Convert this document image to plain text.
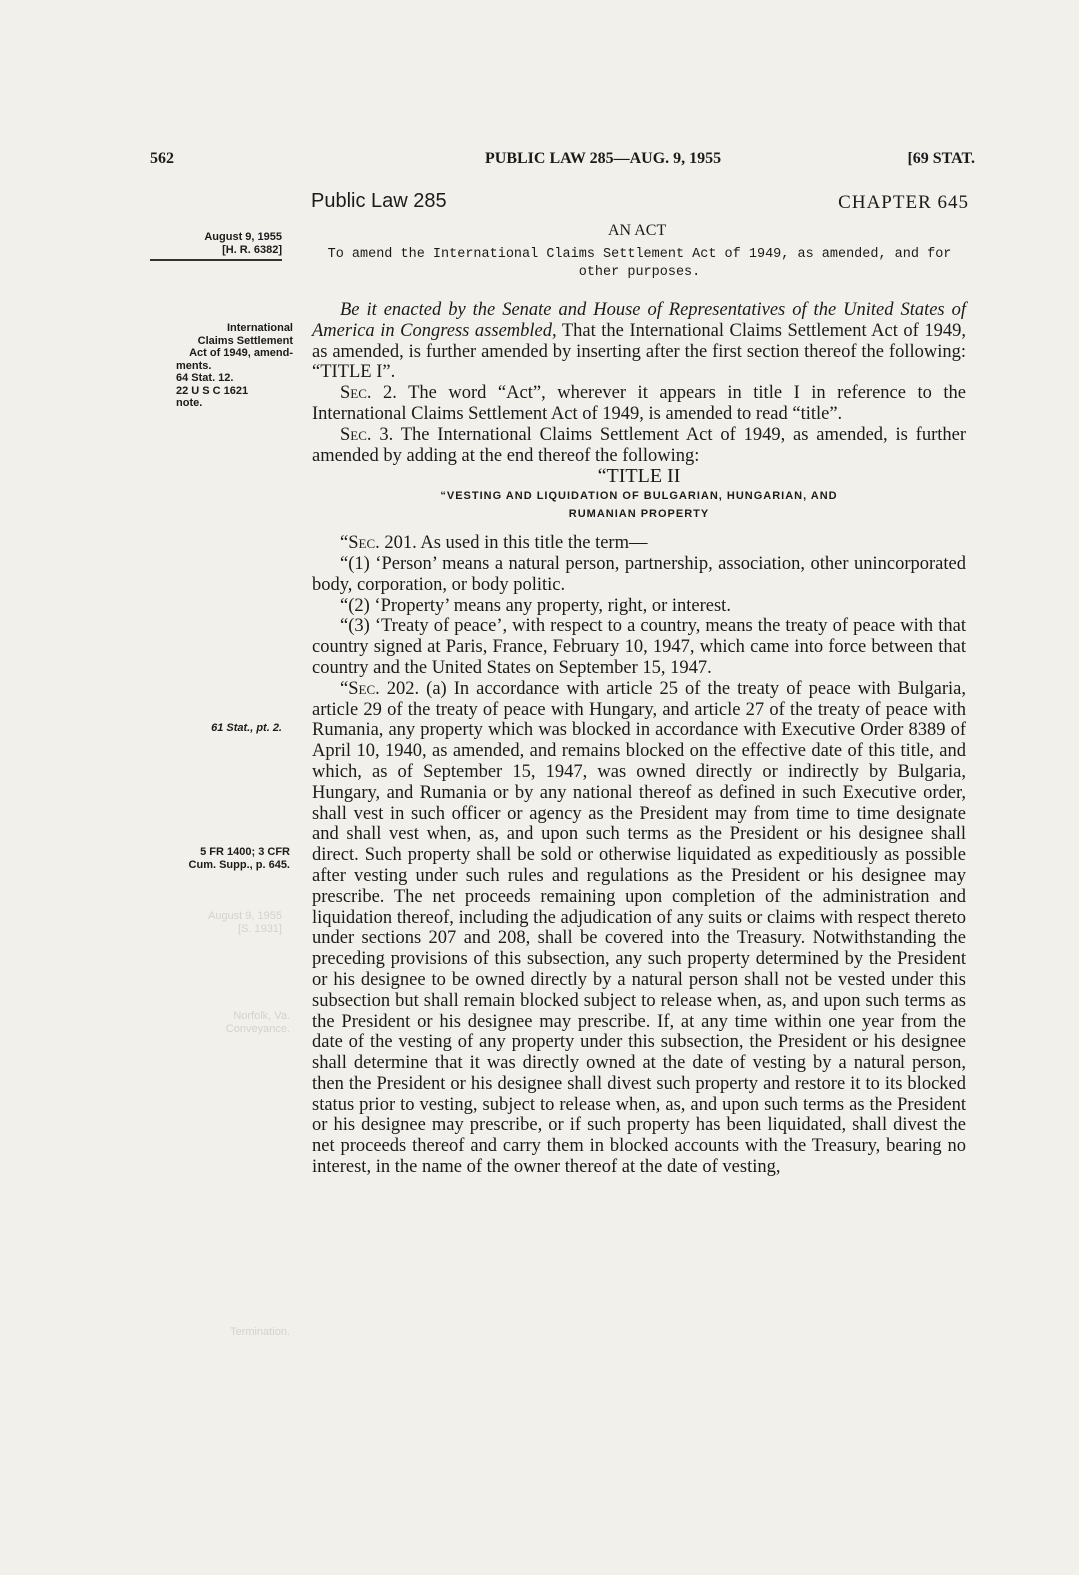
562	PUBLIC LAW 285—AUG. 9, 1955	[69 STAT.
Public Law 285	CHAPTER 645
AN ACT
To amend the International Claims Settlement Act of 1949, as amended, and for other purposes.
August 9, 1955
[H. R. 6382]
International
Claims Settlement
Act of 1949, amend-
ments.
64 Stat. 12.
22 U S C 1621
note.
61 Stat., pt. 2.
5 FR 1400; 3 CFR
Cum. Supp., p. 645.
August 9, 1955
[S. 1931]
Norfolk, Va.
Conveyance.
Termination.

Be it enacted by the Senate and House of Representatives of the United States of America in Congress assembled, That the International Claims Settlement Act of 1949, as amended, is further amended by inserting after the first section thereof the following: “TITLE I”.

Sec. 2. The word “Act”, wherever it appears in title I in reference to the International Claims Settlement Act of 1949, is amended to read “title”.

Sec. 3. The International Claims Settlement Act of 1949, as amended, is further amended by adding at the end thereof the following:

“TITLE II

“VESTING AND LIQUIDATION OF BULGARIAN, HUNGARIAN, AND
RUMANIAN PROPERTY

“Sec. 201. As used in this title the term—

“(1) ‘Person’ means a natural person, partnership, association, other unincorporated body, corporation, or body politic.

“(2) ‘Property’ means any property, right, or interest.

“(3) ‘Treaty of peace’, with respect to a country, means the treaty of peace with that country signed at Paris, France, February 10, 1947, which came into force between that country and the United States on September 15, 1947.

“Sec. 202. (a) In accordance with article 25 of the treaty of peace with Bulgaria, article 29 of the treaty of peace with Hungary, and article 27 of the treaty of peace with Rumania, any property which was blocked in accordance with Executive Order 8389 of April 10, 1940, as amended, and remains blocked on the effective date of this title, and which, as of September 15, 1947, was owned directly or indirectly by Bulgaria, Hungary, and Rumania or by any national thereof as defined in such Executive order, shall vest in such officer or agency as the President may from time to time designate and shall vest when, as, and upon such terms as the President or his designee shall direct. Such property shall be sold or otherwise liquidated as expeditiously as possible after vesting under such rules and regulations as the President or his designee may prescribe. The net proceeds remaining upon completion of the administration and liquidation thereof, including the adjudication of any suits or claims with respect thereto under sections 207 and 208, shall be covered into the Treasury. Notwithstanding the preceding provisions of this subsection, any such property determined by the President or his designee to be owned directly by a natural person shall not be vested under this subsection but shall remain blocked subject to release when, as, and upon such terms as the President or his designee may prescribe. If, at any time within one year from the date of the vesting of any property under this subsection, the President or his designee shall determine that it was directly owned at the date of vesting by a natural person, then the President or his designee shall divest such property and restore it to its blocked status prior to vesting, subject to release when, as, and upon such terms as the President or his designee may prescribe, or if such property has been liquidated, shall divest the net proceeds thereof and carry them in blocked accounts with the Treasury, bearing no interest, in the name of the owner thereof at the date of vesting,
